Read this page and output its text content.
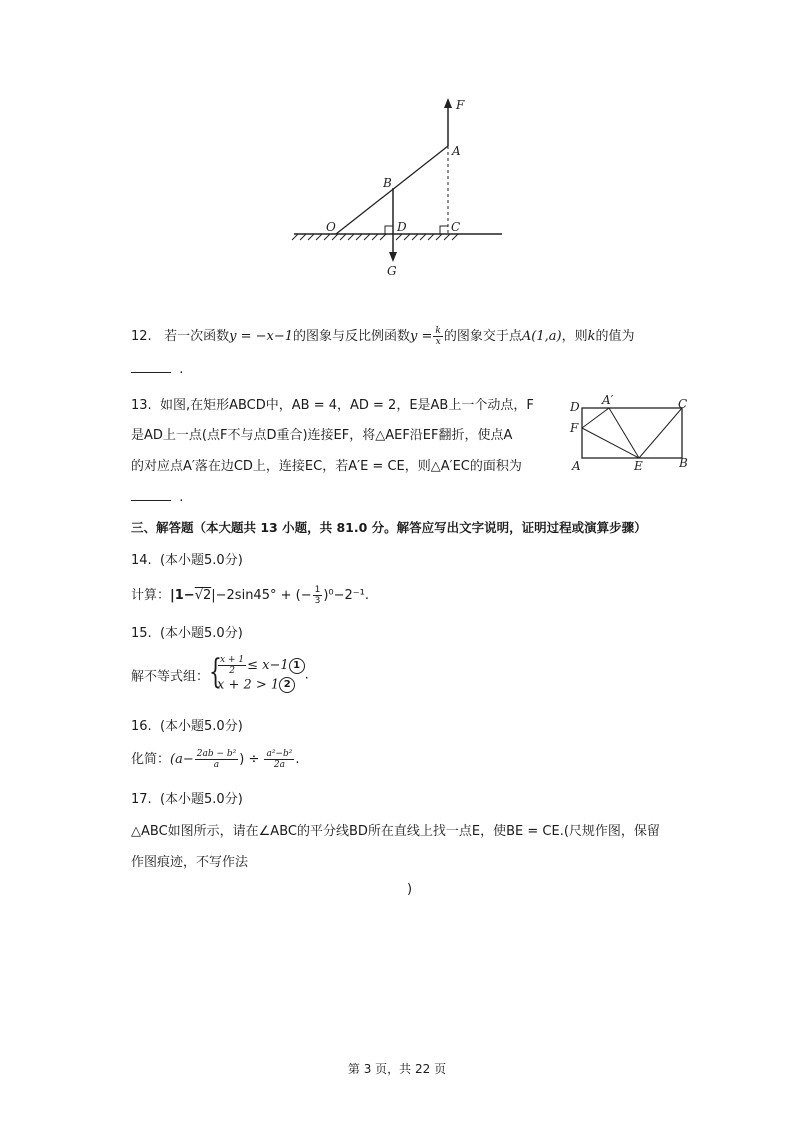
F
A
B
O	D	C
G
12. 若一次函数y = −x−1的图象与反比例函数$y = \frac{k}{x}$ 的图象交于点A(1,a)，则k的值为
.
13. 如图,在矩形ABCD中，AB = 4，AD = 2，E是AB上一个动点，F
是AD上一点(点F不与点D重合)连接EF，将△AEF沿EF翻折，使点A
的对应点A′落在边CD上，连接EC，若A′E = CE，则△A′EC的面积为
.
D A′	C
F
A	E	B
三、解答题（本大题共 13 小题，共 81.0 分。解答应写出文字说明，证明过程或演算步骤）
14. (本小题5.0分)
计算：|1−√2|−2sin45° + (− $\frac{1}{3} )^0-2^{-1}$.
15. (本小题5.0分)
解不等式组： {
$\frac{x + 1}{2} \le x-1$ 1
x + 2 > 1 2
.
16. (本小题5.0分)
化简：($a- \frac{\text{2ab − b²}}{a}$ ) ÷ $\frac{\text{a²−b²}}{2a}$ .
17. (本小题5.0分)
△ABC如图所示，请在∠ABC的平分线BD所在直线上找一点E，使BE = CE.(尺规作图，保留
作图痕迹，不写作法
)
第 3 页，共 22 页
